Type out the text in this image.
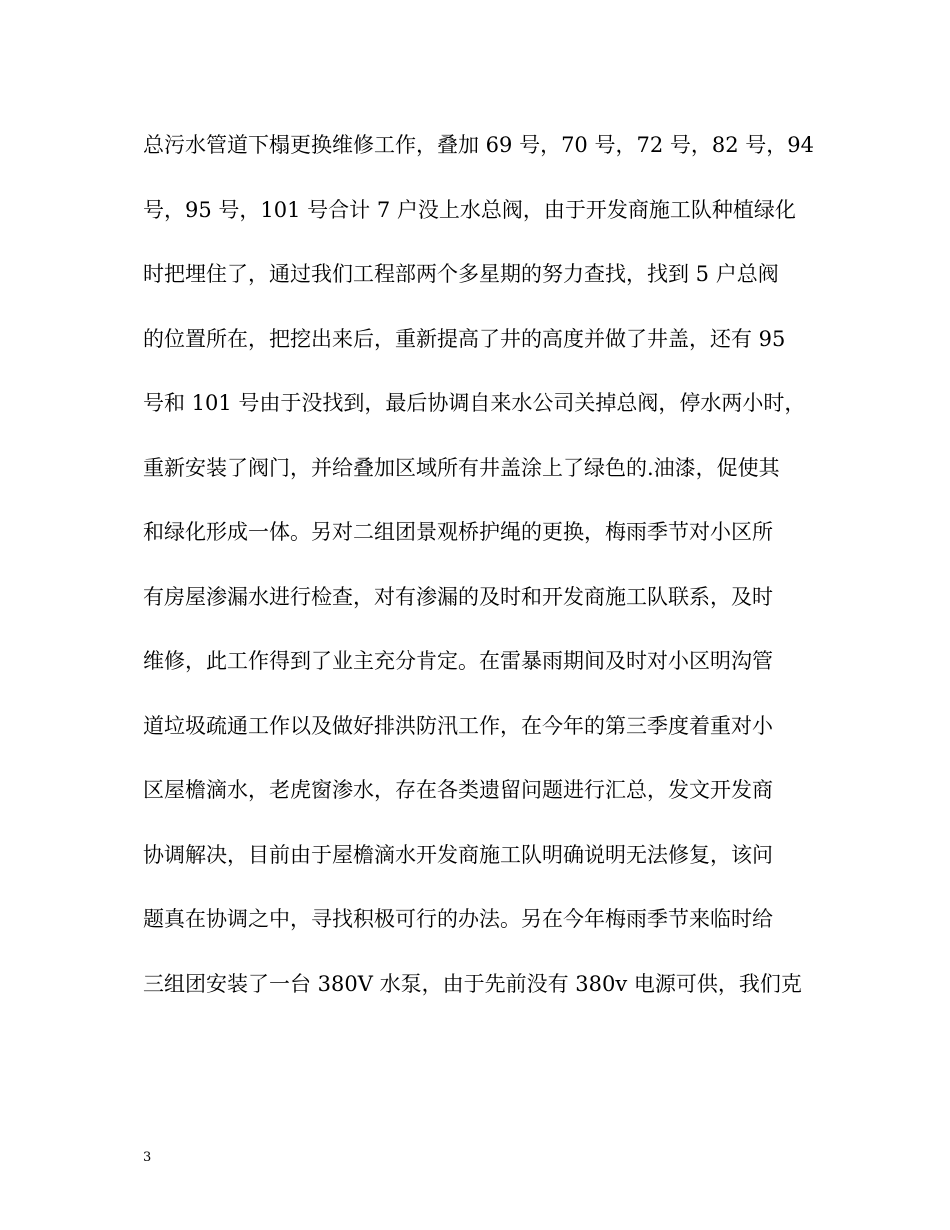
总污水管道下榻更换维修工作，叠加 69 号，70 号，72 号，82 号，94
号，95 号，101 号合计 7 户没上水总阀，由于开发商施工队种植绿化
时把埋住了，通过我们工程部两个多星期的努力查找，找到 5 户总阀
的位置所在，把挖出来后，重新提高了井的高度并做了井盖，还有 95
号和 101 号由于没找到，最后协调自来水公司关掉总阀，停水两小时，
重新安装了阀门，并给叠加区域所有井盖涂上了绿色的.油漆，促使其
和绿化形成一体。另对二组团景观桥护绳的更换，梅雨季节对小区所
有房屋渗漏水进行检查，对有渗漏的及时和开发商施工队联系，及时
维修，此工作得到了业主充分肯定。在雷暴雨期间及时对小区明沟管
道垃圾疏通工作以及做好排洪防汛工作，在今年的第三季度着重对小
区屋檐滴水，老虎窗渗水，存在各类遗留问题进行汇总，发文开发商
协调解决，目前由于屋檐滴水开发商施工队明确说明无法修复，该问
题真在协调之中，寻找积极可行的办法。另在今年梅雨季节来临时给
三组团安装了一台 380V 水泵，由于先前没有 380v 电源可供，我们克
3
